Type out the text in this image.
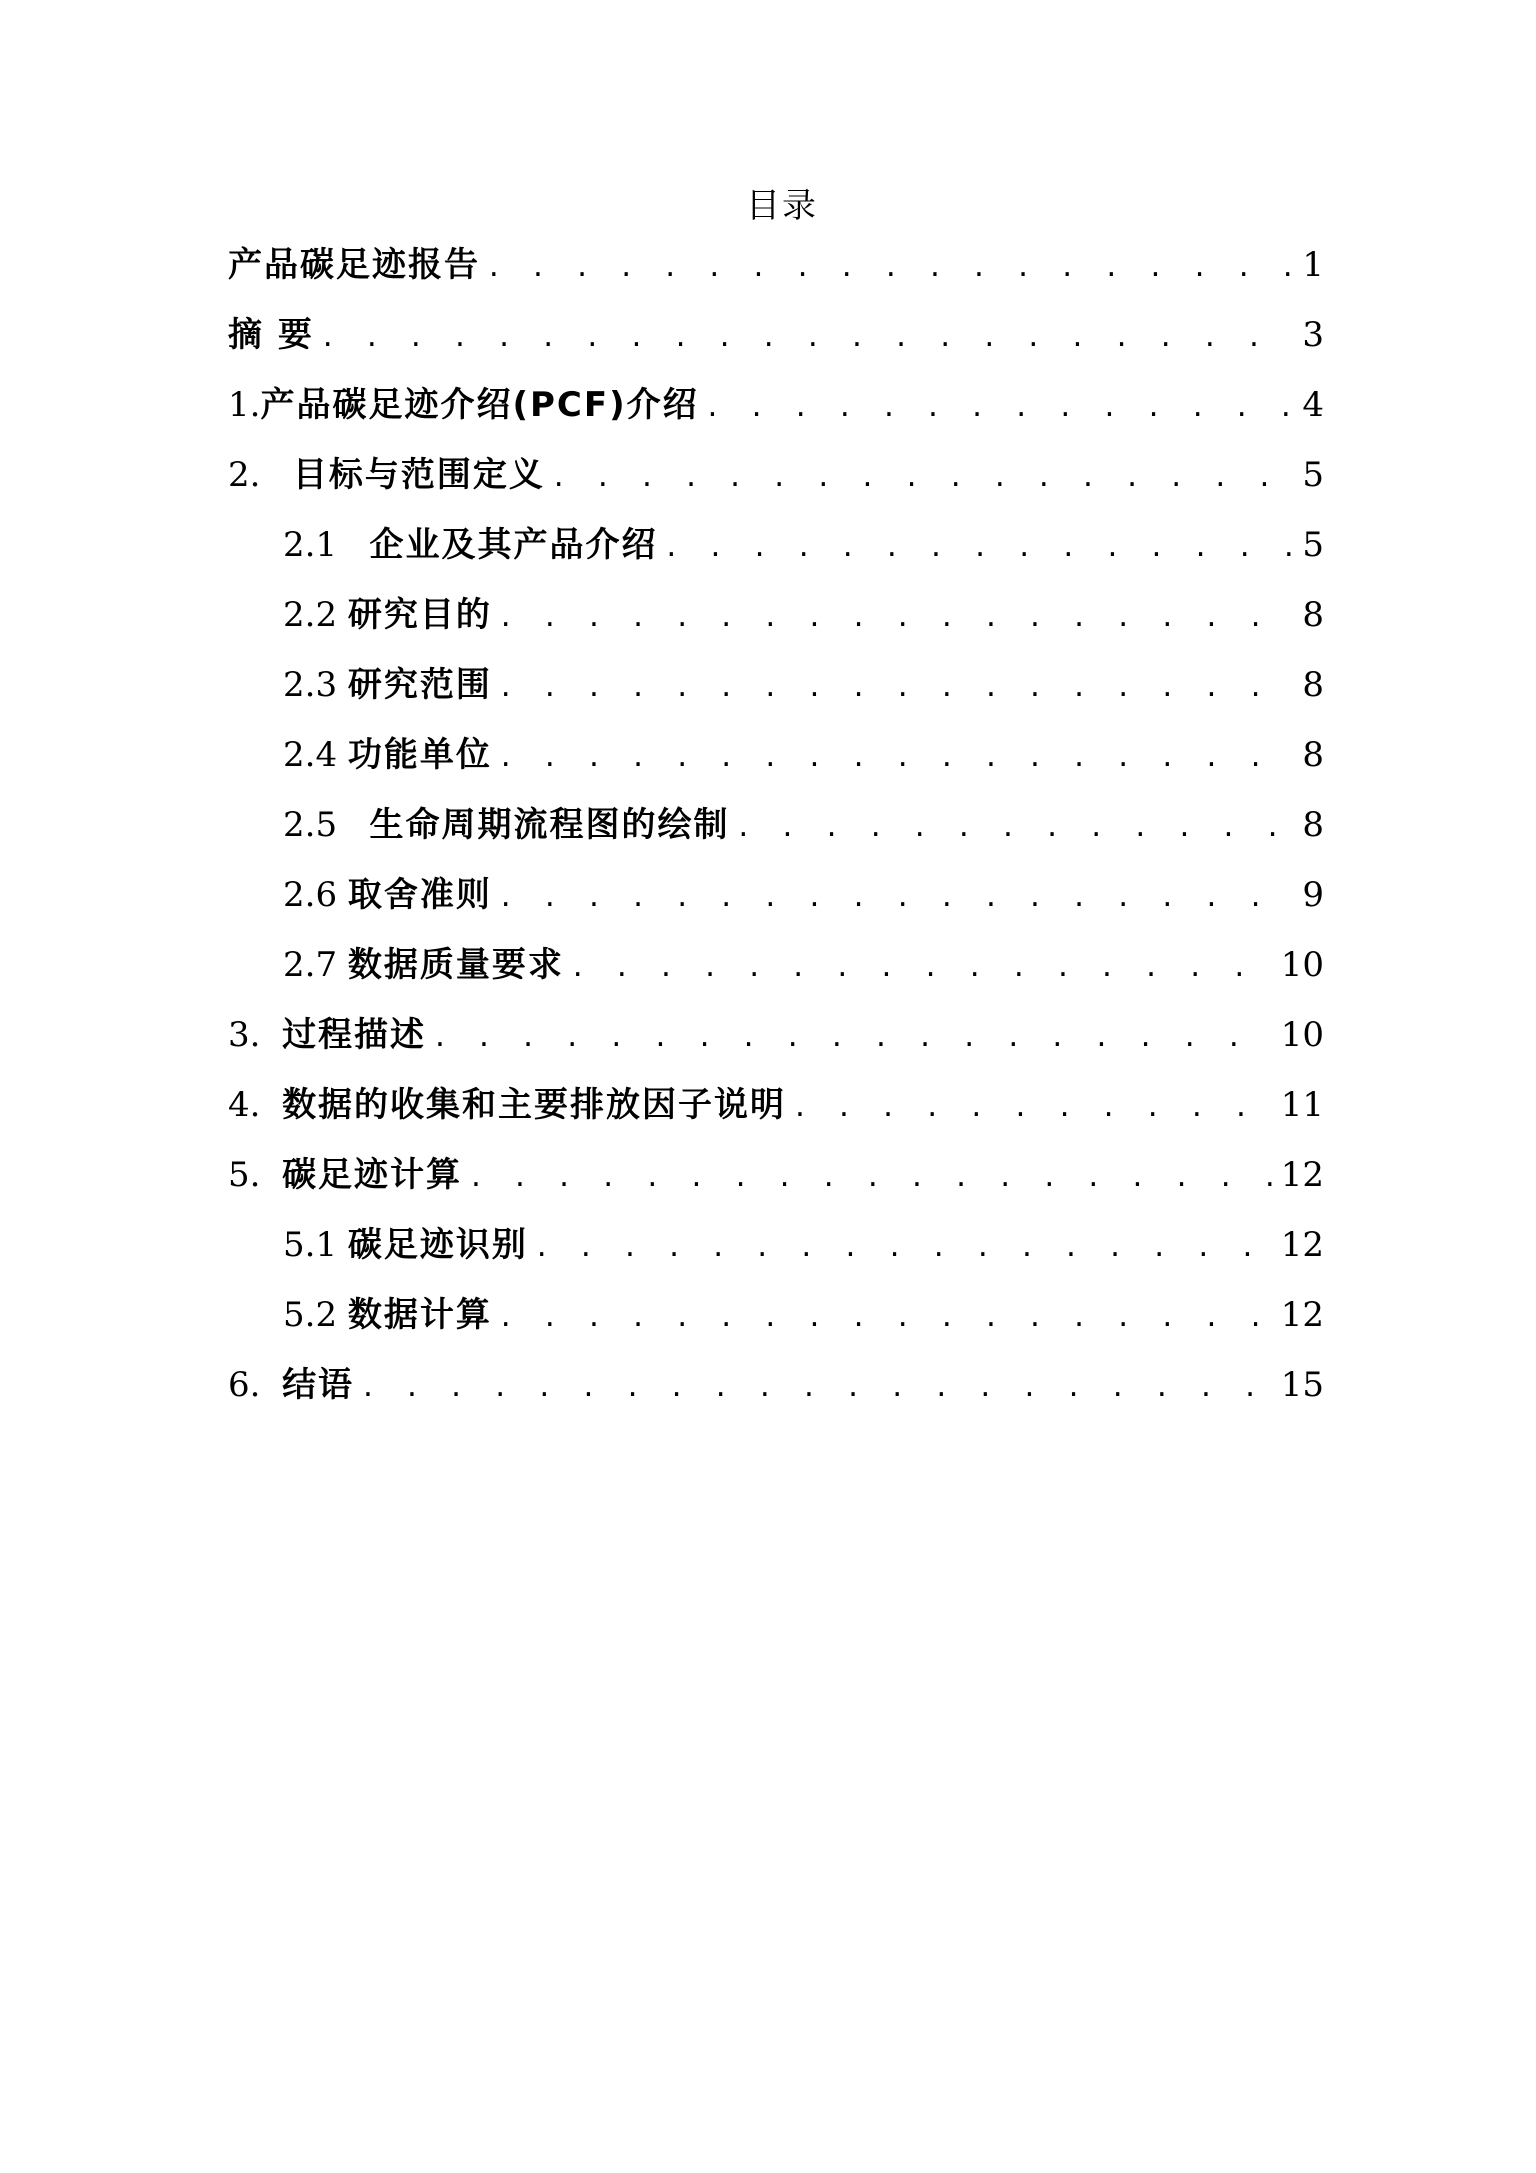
目录
产品碳足迹报告 . . .	1
摘 要 . . .	3
1. 产品碳足迹介绍(PCF)介绍 . . .	4
2. 目标与范围定义 . . .	5
2.1 企业及其产品介绍 . . .	5
2.2 研究目的 . . .	8
2.3 研究范围 . . .	8
2.4 功能单位 . . .	8
2.5 生命周期流程图的绘制 . . .	8
2.6 取舍准则 . . .	9
2.7 数据质量要求 . . .	10
3. 过程描述 . . .	10
4. 数据的收集和主要排放因子说明 . . .	11
5. 碳足迹计算 . . .	12
5.1 碳足迹识别 . . .	12
5.2 数据计算 . . .	12
6. 结语 . . .	15
